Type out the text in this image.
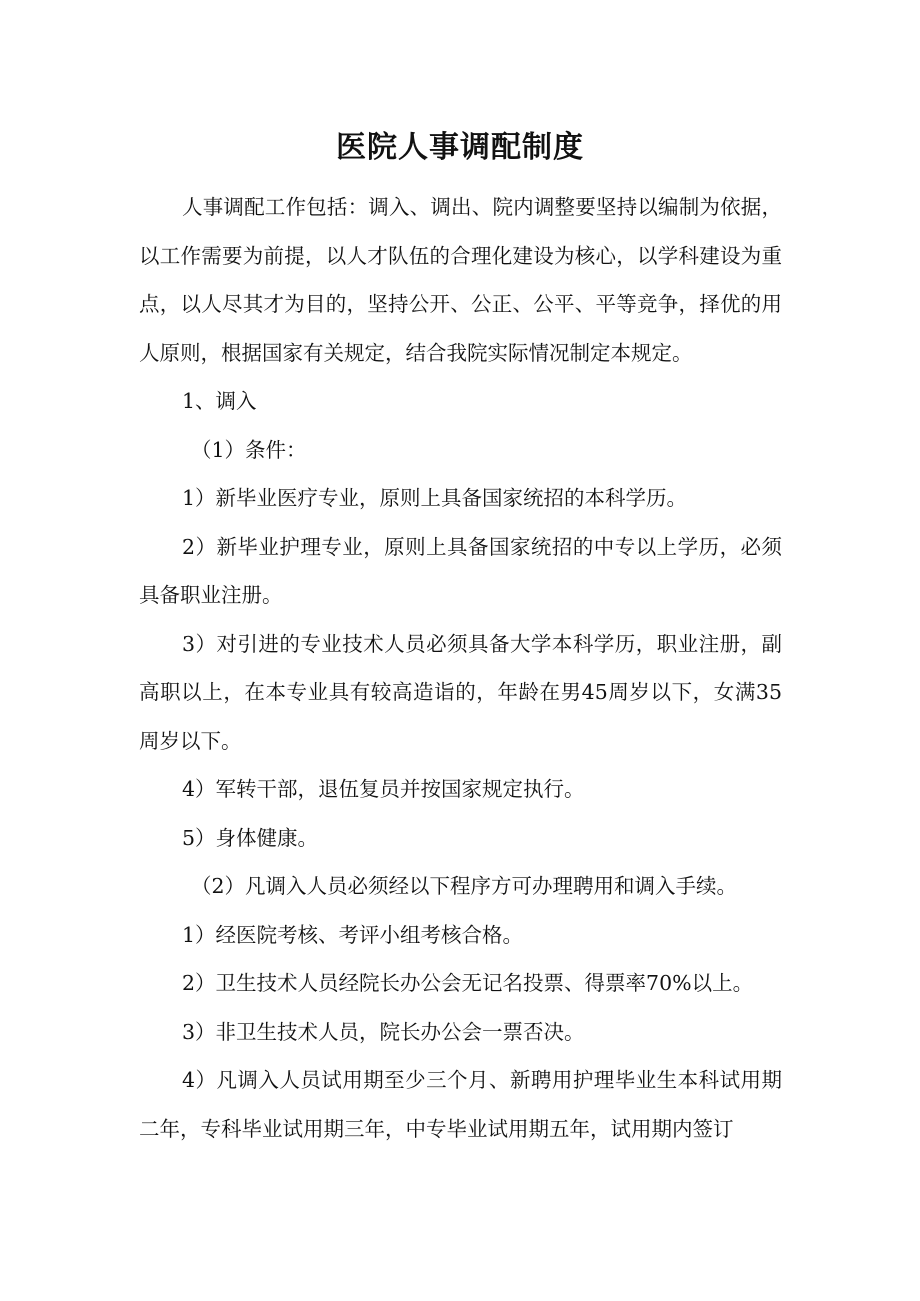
医院人事调配制度

人事调配工作包括：调入、调出、院内调整要坚持以编制为依据，以工作需要为前提，以人才队伍的合理化建设为核心，以学科建设为重点，以人尽其才为目的，坚持公开、公正、公平、平等竞争，择优的用人原则，根据国家有关规定，结合我院实际情况制定本规定。

1、调入

（1）条件：

1）新毕业医疗专业，原则上具备国家统招的本科学历。

2）新毕业护理专业，原则上具备国家统招的中专以上学历，必须具备职业注册。

3）对引进的专业技术人员必须具备大学本科学历，职业注册，副高职以上，在本专业具有较高造诣的，年龄在男45周岁以下，女满35周岁以下。

4）军转干部，退伍复员并按国家规定执行。

5）身体健康。

（2）凡调入人员必须经以下程序方可办理聘用和调入手续。

1）经医院考核、考评小组考核合格。

2）卫生技术人员经院长办公会无记名投票、得票率70%以上。

3）非卫生技术人员，院长办公会一票否决。

4）凡调入人员试用期至少三个月、新聘用护理毕业生本科试用期二年，专科毕业试用期三年，中专毕业试用期五年，试用期内签订
